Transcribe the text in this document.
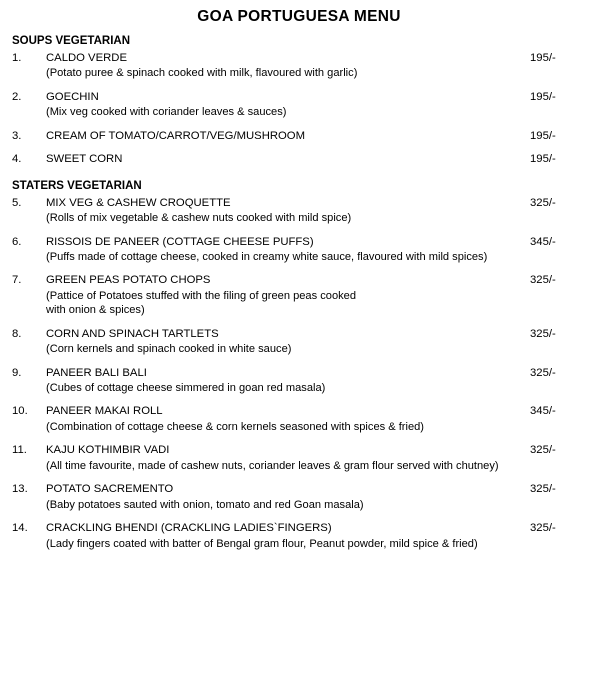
GOA PORTUGUESA MENU
SOUPS VEGETARIAN
1.	CALDO VERDE	195/-
(Potato puree & spinach cooked with milk, flavoured with garlic)
2.	GOECHIN	195/-
(Mix veg cooked with coriander leaves & sauces)
3.	CREAM OF TOMATO/CARROT/VEG/MUSHROOM	195/-
4.	SWEET CORN	195/-
STATERS VEGETARIAN
5.	MIX VEG & CASHEW CROQUETTE	325/-
(Rolls of mix vegetable & cashew nuts cooked with mild spice)
6.	RISSOIS DE PANEER (COTTAGE CHEESE PUFFS)	345/-
(Puffs made of cottage cheese, cooked in creamy white sauce, flavoured with mild spices)
7.	GREEN PEAS POTATO CHOPS	325/-
(Pattice of Potatoes stuffed with the filing of green peas cooked
with onion & spices)
8.	CORN AND SPINACH TARTLETS	325/-
(Corn kernels and spinach cooked in white sauce)
9.	PANEER BALI BALI	325/-
(Cubes of cottage cheese simmered in goan red masala)
10.	PANEER MAKAI ROLL	345/-
(Combination of cottage cheese & corn kernels seasoned with spices & fried)
11.	KAJU KOTHIMBIR VADI	325/-
(All time favourite, made of cashew nuts, coriander leaves & gram flour served with chutney)
13.	POTATO SACREMENTO	325/-
(Baby potatoes sauted with onion, tomato and red Goan masala)
14.	CRACKLING BHENDI (CRACKLING LADIES`FINGERS)	325/-
(Lady fingers coated with batter of Bengal gram flour, Peanut powder, mild spice & fried)
